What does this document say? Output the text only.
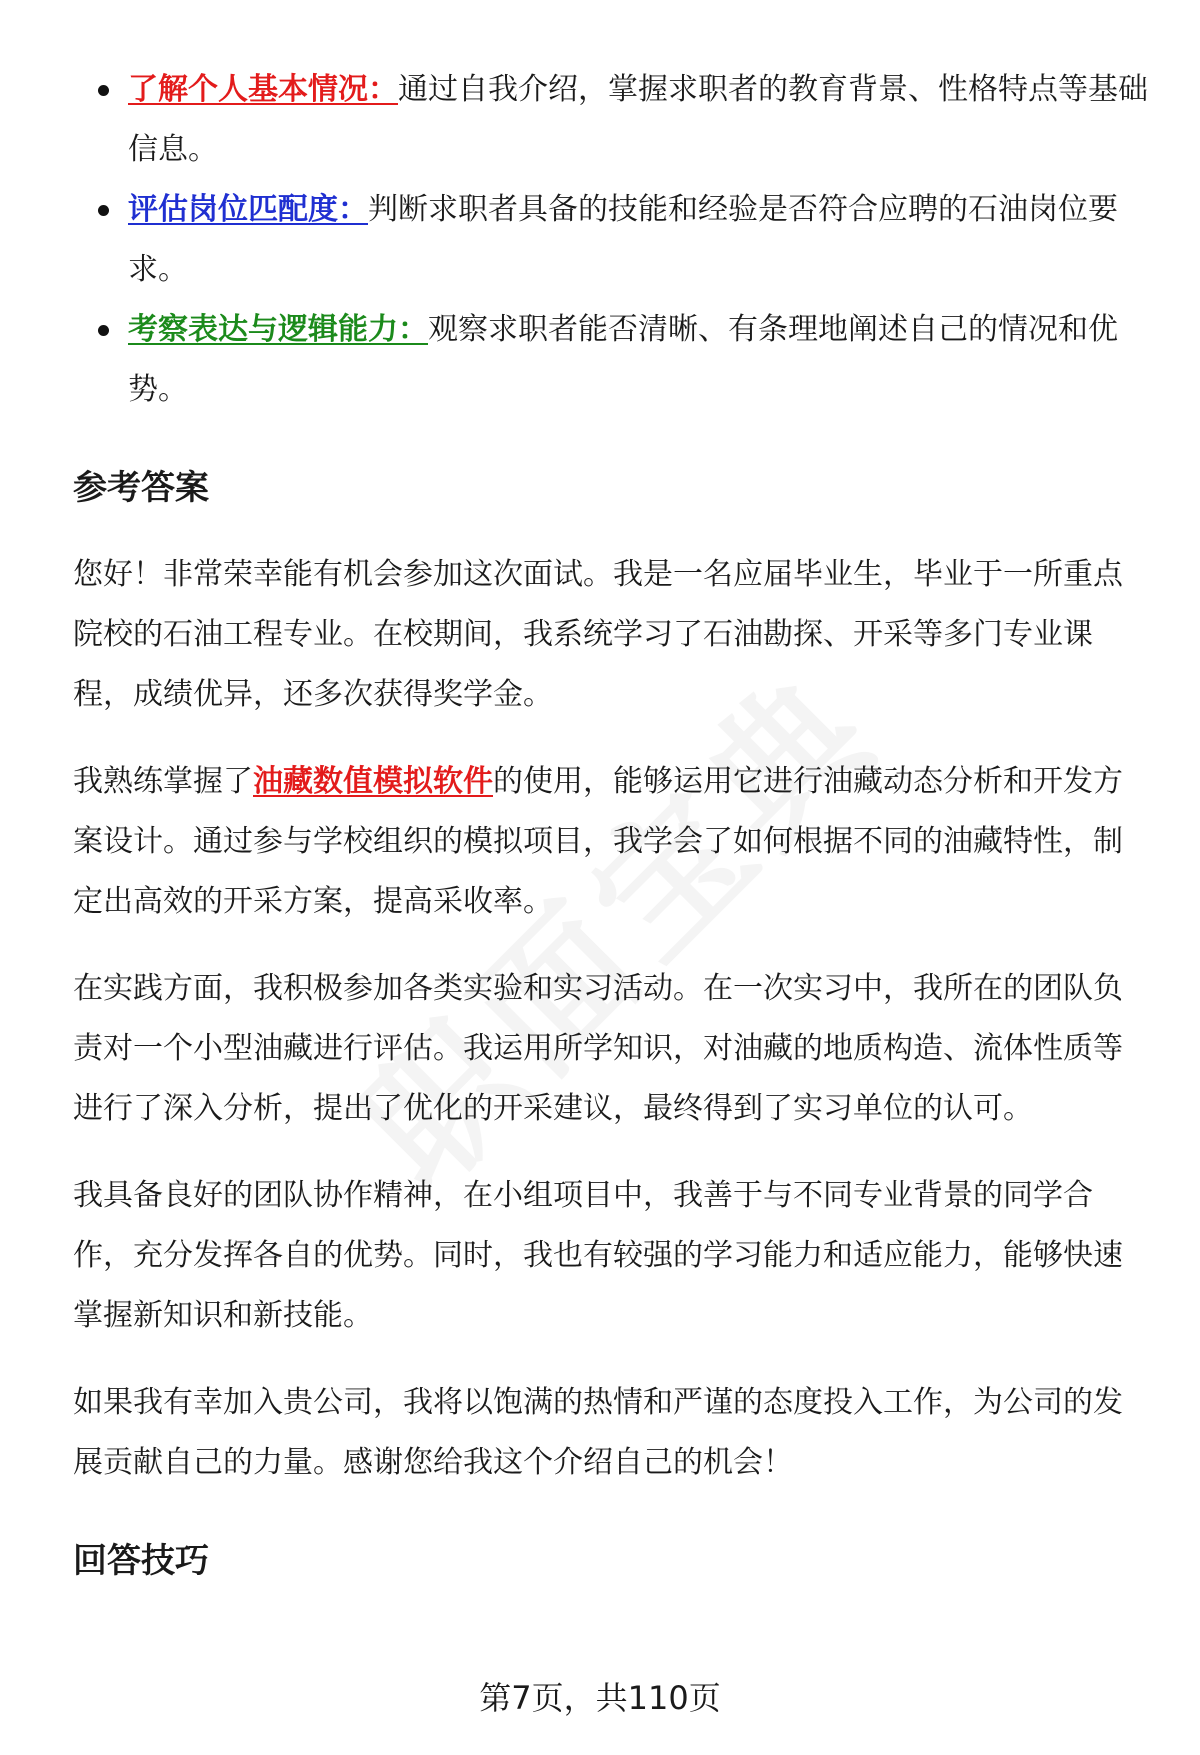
了解个人基本情况：通过自我介绍，掌握求职者的教育背景、性格特点等基础信息。
评估岗位匹配度：判断求职者具备的技能和经验是否符合应聘的石油岗位要求。
考察表达与逻辑能力：观察求职者能否清晰、有条理地阐述自己的情况和优势。
参考答案

您好！非常荣幸能有机会参加这次面试。我是一名应届毕业生，毕业于一所重点院校的石油工程专业。在校期间，我系统学习了石油勘探、开采等多门专业课程，成绩优异，还多次获得奖学金。

我熟练掌握了油藏数值模拟软件的使用，能够运用它进行油藏动态分析和开发方案设计。通过参与学校组织的模拟项目，我学会了如何根据不同的油藏特性，制定出高效的开采方案，提高采收率。

在实践方面，我积极参加各类实验和实习活动。在一次实习中，我所在的团队负责对一个小型油藏进行评估。我运用所学知识，对油藏的地质构造、流体性质等进行了深入分析，提出了优化的开采建议，最终得到了实习单位的认可。

我具备良好的团队协作精神，在小组项目中，我善于与不同专业背景的同学合作，充分发挥各自的优势。同时，我也有较强的学习能力和适应能力，能够快速掌握新知识和新技能。

如果我有幸加入贵公司，我将以饱满的热情和严谨的态度投入工作，为公司的发展贡献自己的力量。感谢您给我这个介绍自己的机会！

回答技巧
第7页，共110页
